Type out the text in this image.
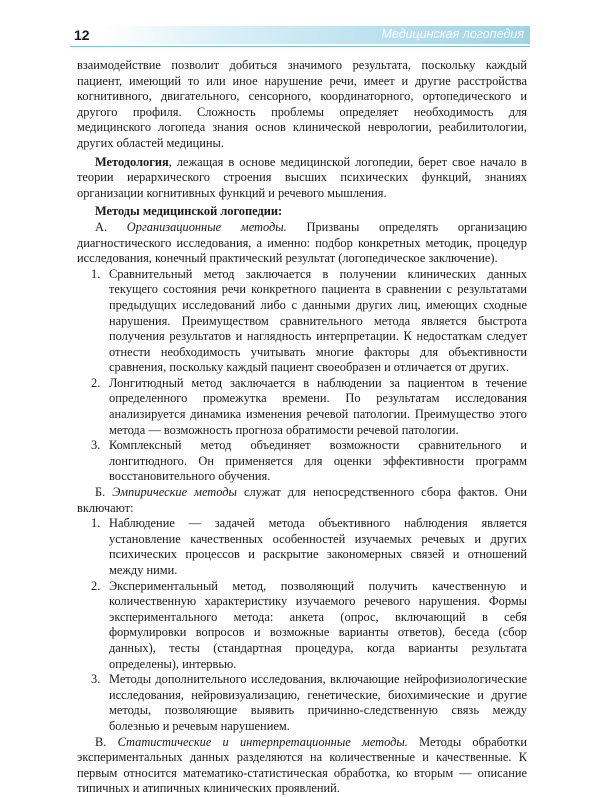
Медицинская логопедия
12

взаимодействие позволит добиться значимого результата, поскольку каждый пациент, имеющий то или иное нарушение речи, имеет и другие расстройства когнитивного, двигательного, сенсорного, координаторного, ортопедического и другого профиля. Сложность проблемы определяет необходимость для медицинского логопеда знания основ клинической неврологии, реабилитологии, других областей медицины.

Методология, лежащая в основе медицинской логопедии, берет свое начало в теории иерархического строения высших психических функций, знаниях организации когнитивных функций и речевого мышления.

Методы медицинской логопедии:

А. Организационные методы. Призваны определять организацию диагностического исследования, а именно: подбор конкретных методик, процедур исследования, конечный практический результат (логопедическое заключение).

1. Сравнительный метод заключается в получении клинических данных текущего состояния речи конкретного пациента в сравнении с результатами предыдущих исследований либо с данными других лиц, имеющих сходные нарушения. Преимуществом сравнительного метода является быстрота получения результатов и наглядность интерпретации. К недостаткам следует отнести необходимость учитывать многие факторы для объективности сравнения, поскольку каждый пациент своеобразен и отличается от других.
2. Лонгитюдный метод заключается в наблюдении за пациентом в течение определенного промежутка времени. По результатам исследования анализируется динамика изменения речевой патологии. Преимущество этого метода — возможность прогноза обратимости речевой патологии.
3. Комплексный метод объединяет возможности сравнительного и лонгитюдного. Он применяется для оценки эффективности программ восстановительного обучения.

Б. Эмпирические методы служат для непосредственного сбора фактов. Они включают:

1. Наблюдение — задачей метода объективного наблюдения является установление качественных особенностей изучаемых речевых и других психических процессов и раскрытие закономерных связей и отношений между ними.
2. Экспериментальный метод, позволяющий получить качественную и количественную характеристику изучаемого речевого нарушения. Формы экспериментального метода: анкета (опрос, включающий в себя формулировки вопросов и возможные варианты ответов), беседа (сбор данных), тесты (стандартная процедура, когда варианты результата определены), интервью.
3. Методы дополнительного исследования, включающие нейрофизиологические исследования, нейровизуализацию, генетические, биохимические и другие методы, позволяющие выявить причинно-следственную связь между болезнью и речевым нарушением.

В. Статистические и интерпретационные методы. Методы обработки экспериментальных данных разделяются на количественные и качественные. К первым относится математико-статистическая обработка, ко вторым — описание типичных и атипичных клинических проявлений.
